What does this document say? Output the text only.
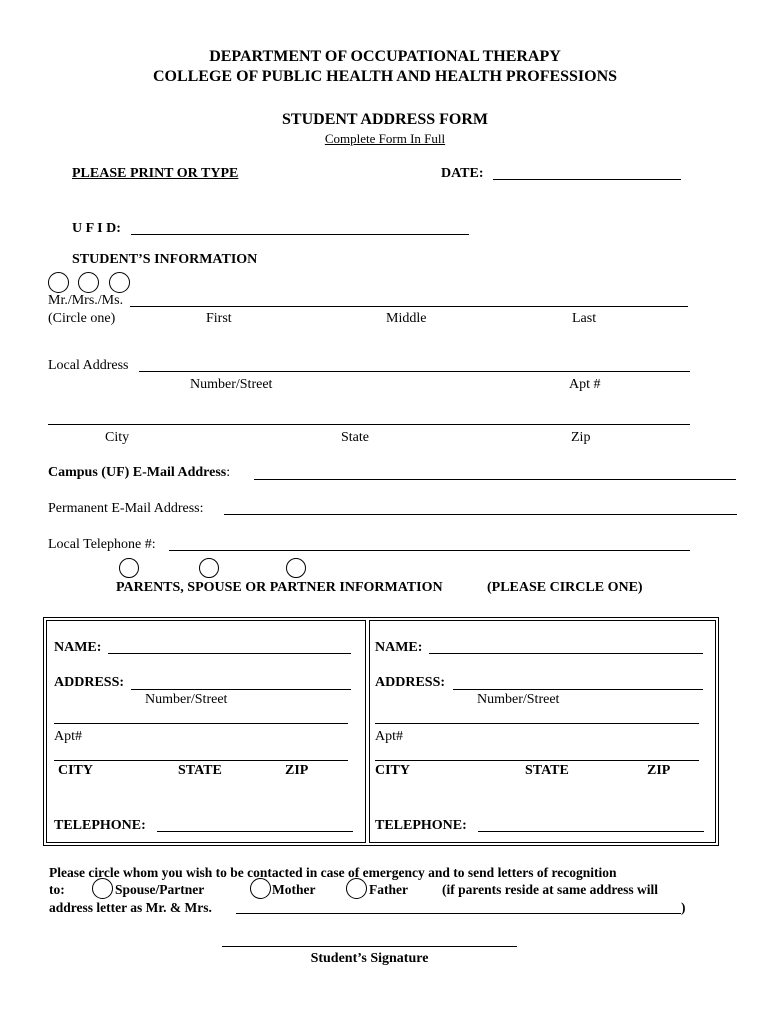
DEPARTMENT OF OCCUPATIONAL THERAPY
COLLEGE OF PUBLIC HEALTH AND HEALTH PROFESSIONS
STUDENT ADDRESS FORM
Complete Form In Full
PLEASE PRINT OR TYPE	DATE:
U F I D:
STUDENT’S INFORMATION
Mr./Mrs./Ms.
(Circle one)	First	Middle	Last
Local Address
Number/Street	Apt #
City	State	Zip
Campus (UF) E-Mail Address:
Permanent E-Mail Address:
Local Telephone #:
PARENTS, SPOUSE OR PARTNER INFORMATION	(PLEASE CIRCLE ONE)
NAME:
ADDRESS:
Number/Street
Apt#
CITY	STATE	ZIP
TELEPHONE:
NAME:
ADDRESS:
Number/Street
Apt#
CITY	STATE	ZIP
TELEPHONE:
Please circle whom you wish to be contacted in case of emergency and to send letters of recognition
to:	Spouse/Partner	Mother	Father	(if parents reside at same address will
address letter as Mr. & Mrs.	)
Student’s Signature
